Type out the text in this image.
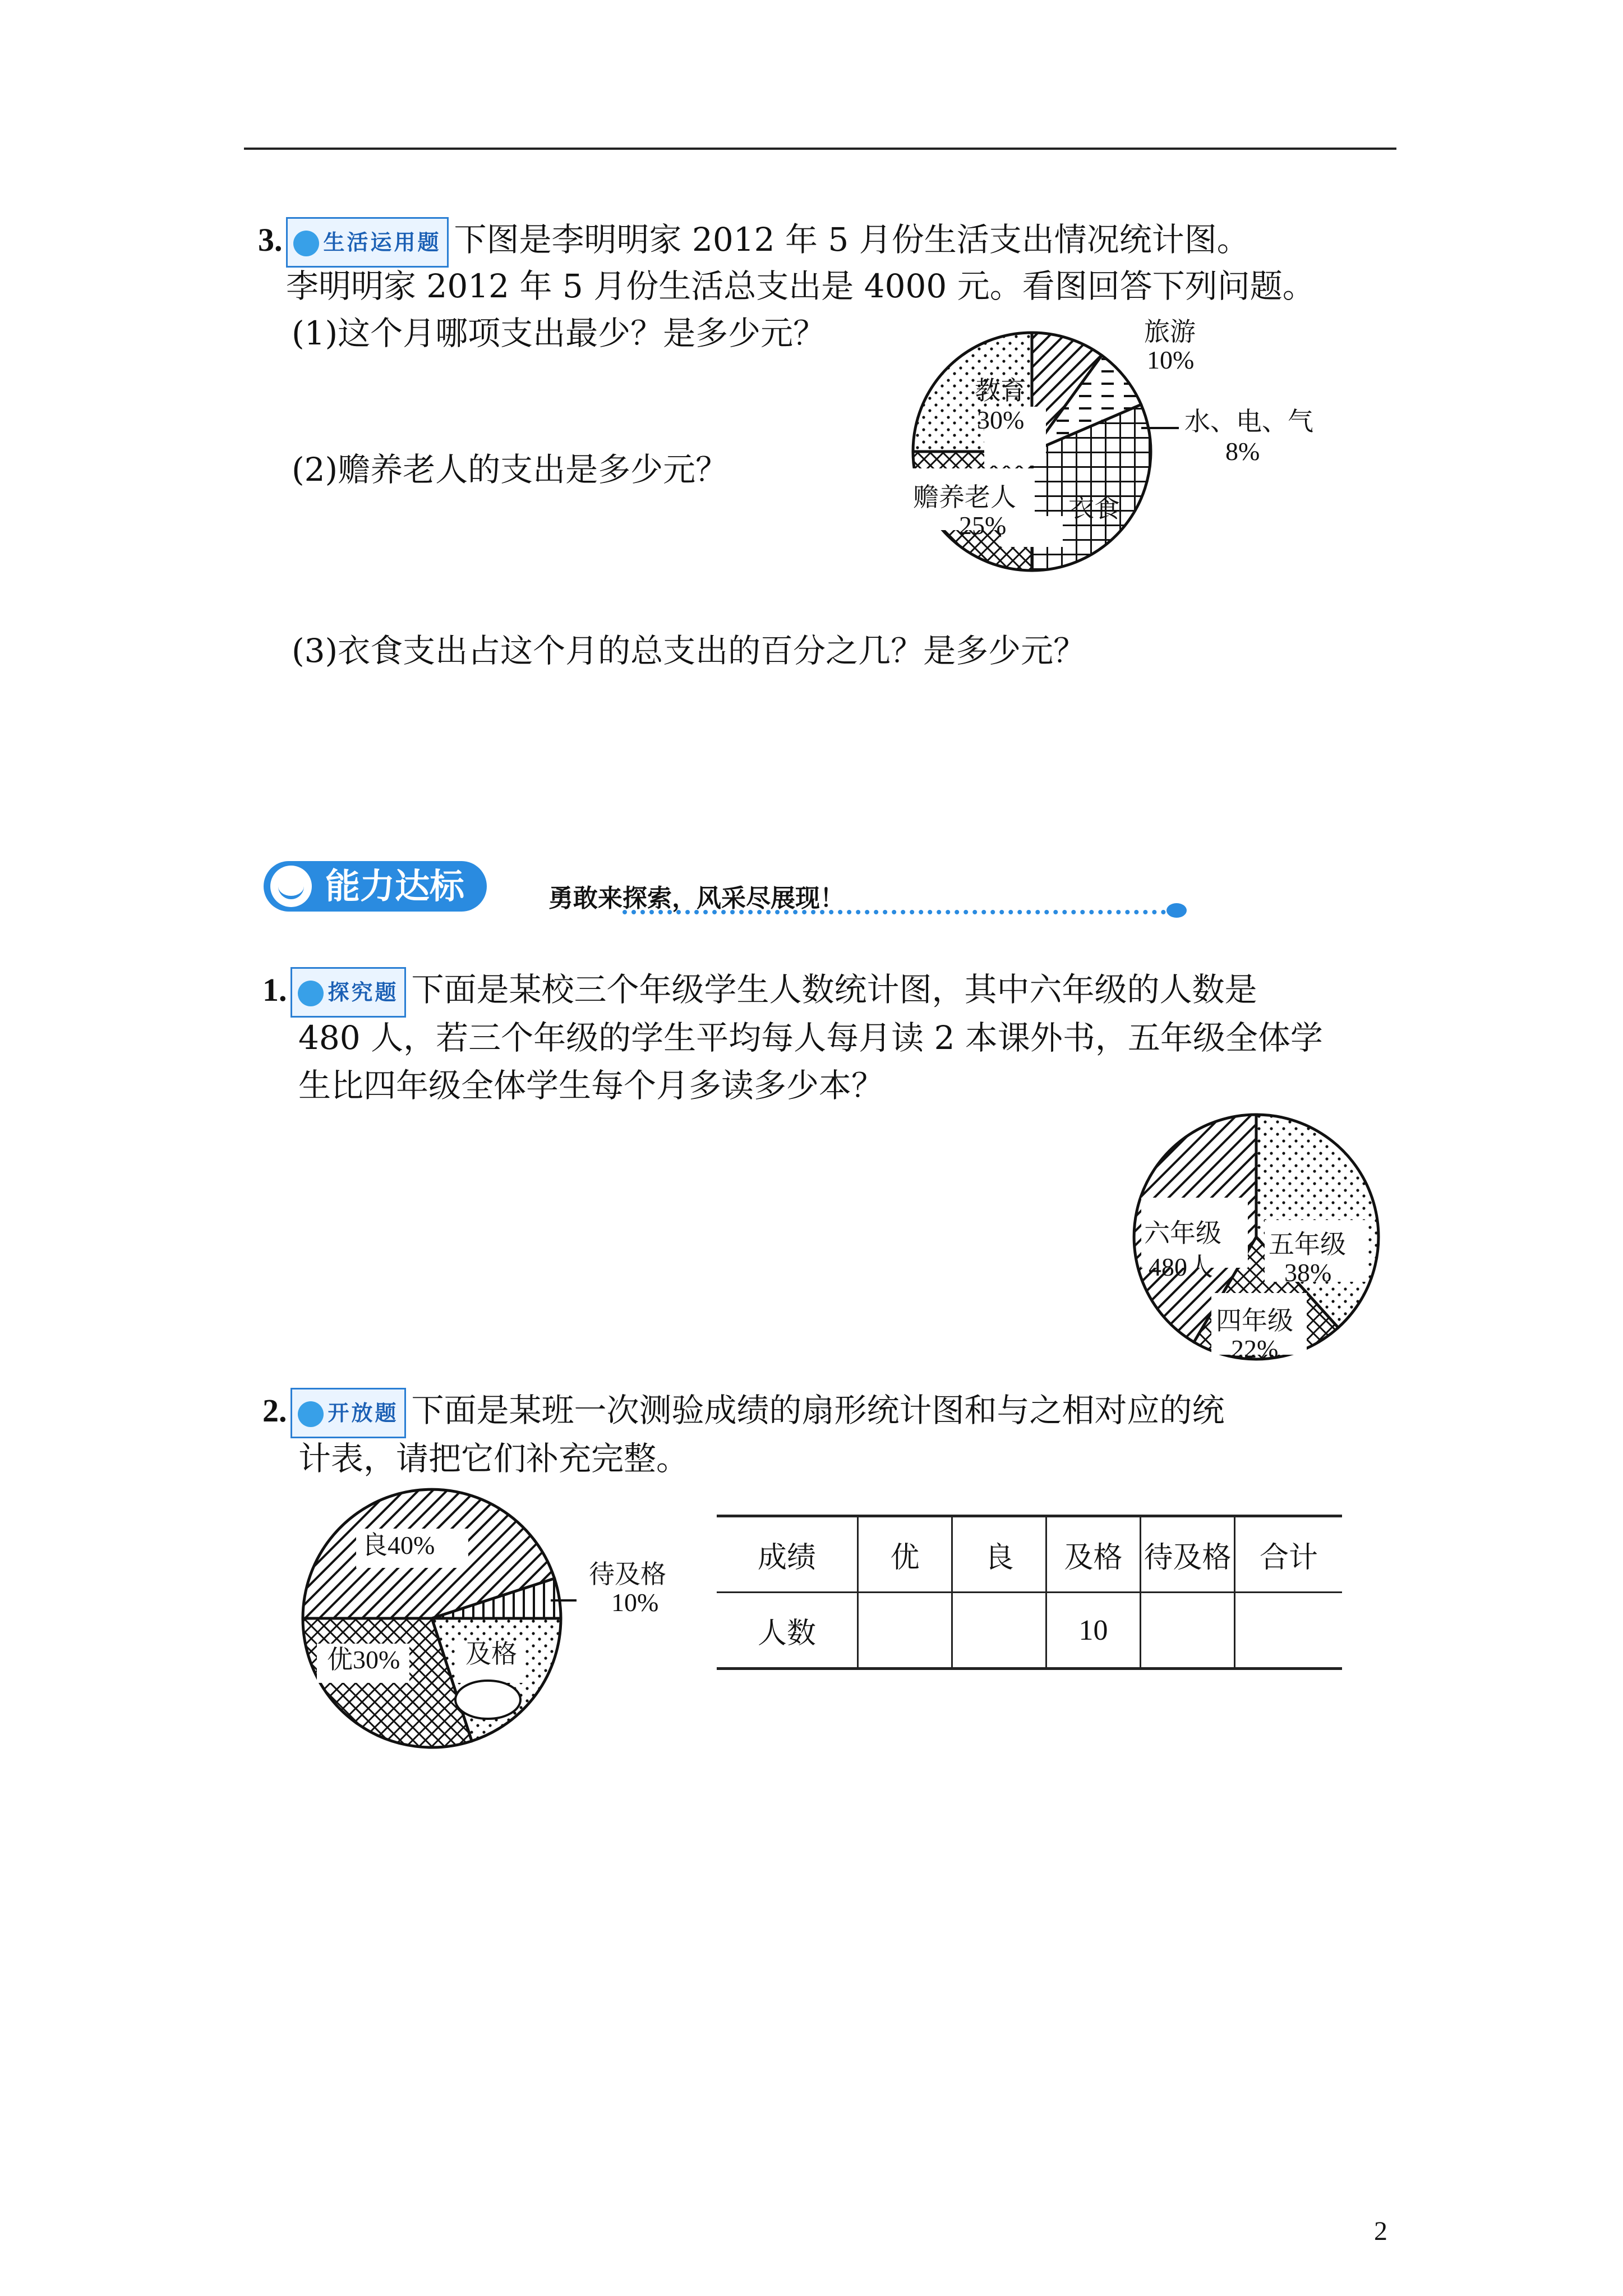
3. 生活运用题 下图是李明明家 2012 年 5 月份生活支出情况统计图。
李明明家 2012 年 5 月份生活总支出是 4000 元。看图回答下列问题。
(1)这个月哪项支出最少？是多少元？
(2)赡养老人的支出是多少元？
(3)衣食支出占这个月的总支出的百分之几？是多少元？
旅游
10%
水、电、气
8%
教育
30%
赡养老人
25%
衣食
能力达标	勇敢来探索，风采尽展现！
1. 探究题 下面是某校三个年级学生人数统计图，其中六年级的人数是
480 人，若三个年级的学生平均每人每月读 2 本课外书，五年级全体学
生比四年级全体学生每个月多读多少本？
六年级
480人
五年级
38%
四年级
22%
2. 开放题 下面是某班一次测验成绩的扇形统计图和与之相对应的统
计表，请把它们补充完整。
良40%
待及格
10%
优30%	及格
成绩	优	良	及格	待及格	合计
人数			10		
2
